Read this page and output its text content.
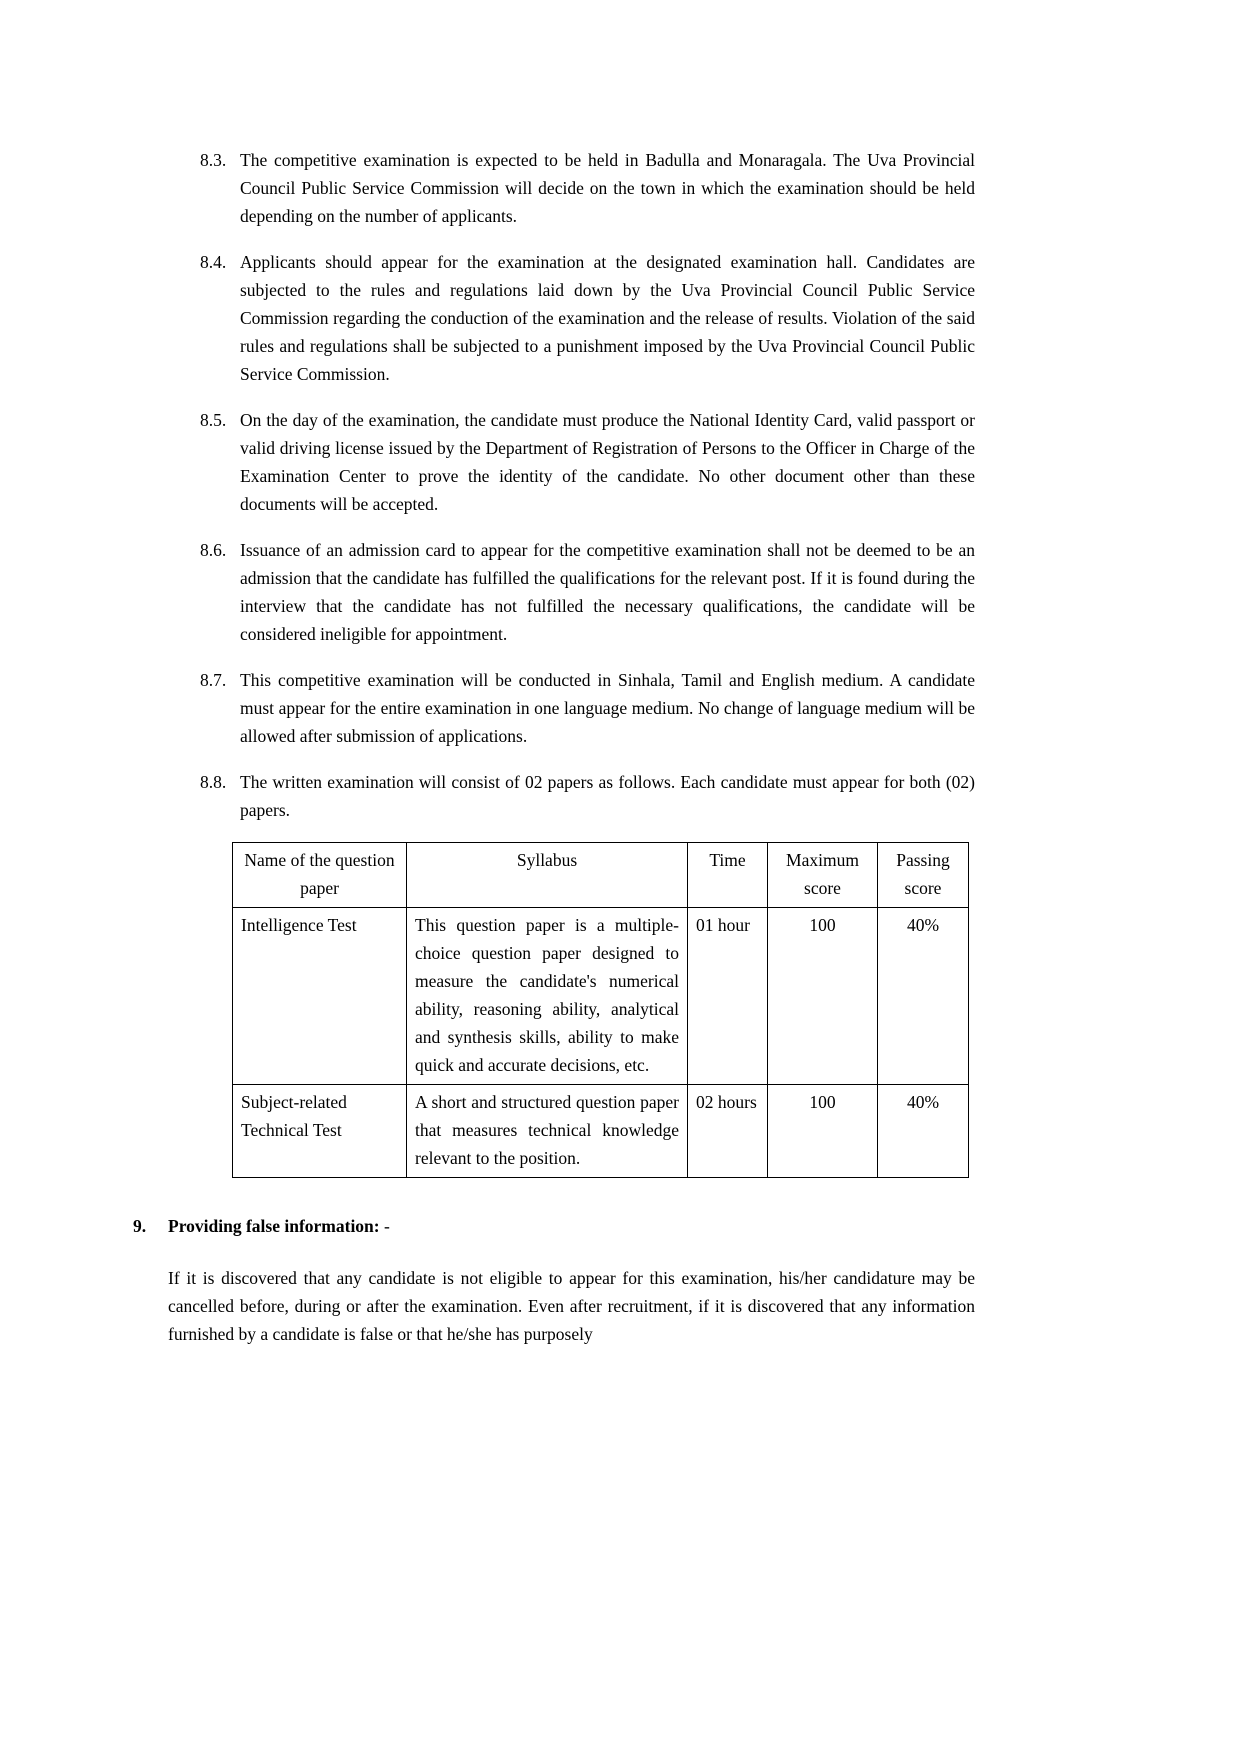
8.3. The competitive examination is expected to be held in Badulla and Monaragala. The Uva Provincial Council Public Service Commission will decide on the town in which the examination should be held depending on the number of applicants.

8.4. Applicants should appear for the examination at the designated examination hall. Candidates are subjected to the rules and regulations laid down by the Uva Provincial Council Public Service Commission regarding the conduction of the examination and the release of results. Violation of the said rules and regulations shall be subjected to a punishment imposed by the Uva Provincial Council Public Service Commission.

8.5. On the day of the examination, the candidate must produce the National Identity Card, valid passport or valid driving license issued by the Department of Registration of Persons to the Officer in Charge of the Examination Center to prove the identity of the candidate. No other document other than these documents will be accepted.

8.6. Issuance of an admission card to appear for the competitive examination shall not be deemed to be an admission that the candidate has fulfilled the qualifications for the relevant post. If it is found during the interview that the candidate has not fulfilled the necessary qualifications, the candidate will be considered ineligible for appointment.

8.7. This competitive examination will be conducted in Sinhala, Tamil and English medium. A candidate must appear for the entire examination in one language medium. No change of language medium will be allowed after submission of applications.

8.8. The written examination will consist of 02 papers as follows. Each candidate must appear for both (02) papers.

Name of the question paper	Syllabus	Time	Maximum score	Passing score
Intelligence Test	This question paper is a multiple-choice question paper designed to measure the candidate's numerical ability, reasoning ability, analytical and synthesis skills, ability to make quick and accurate decisions, etc.	01 hour	100	40%
Subject-related Technical Test	A short and structured question paper that measures technical knowledge relevant to the position.	02 hours	100	40%
9.	Providing false information: -

If it is discovered that any candidate is not eligible to appear for this examination, his/her candidature may be cancelled before, during or after the examination. Even after recruitment, if it is discovered that any information furnished by a candidate is false or that he/she has purposely
